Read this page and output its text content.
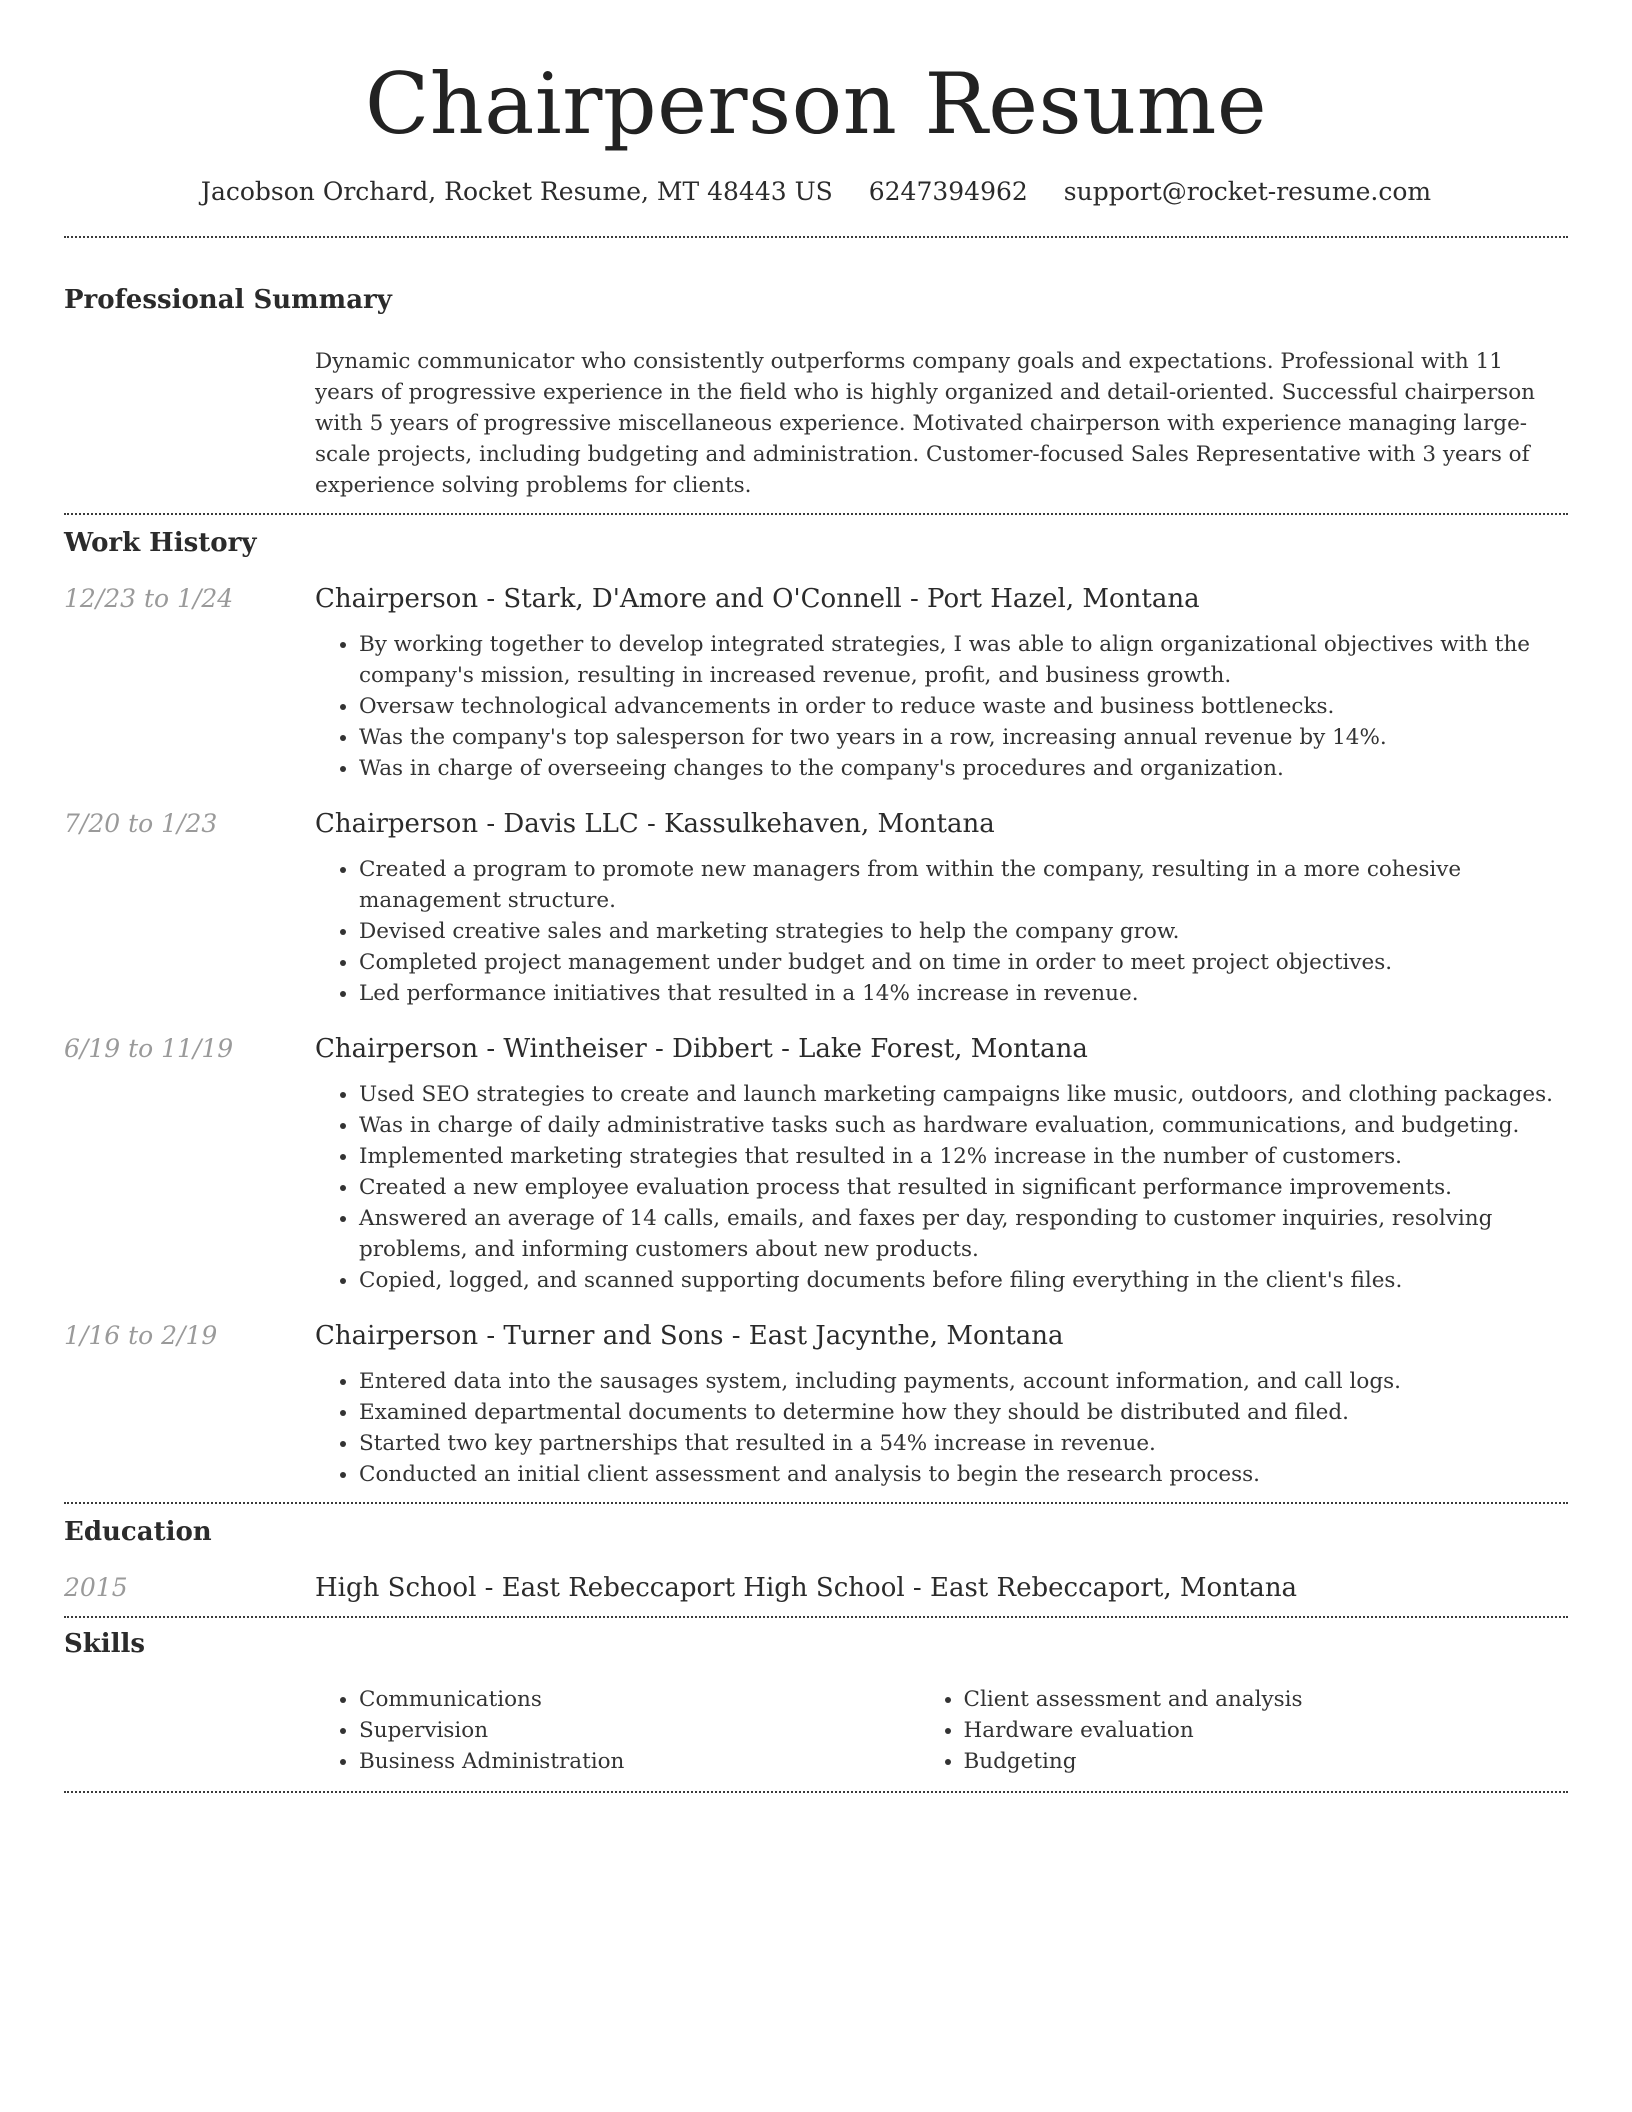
Chairperson Resume
Jacobson Orchard, Rocket Resume, MT 48443 US 6247394962 support@rocket-resume.com
Professional Summary

Dynamic communicator who consistently outperforms company goals and expectations. Professional with 11 years of progressive experience in the field who is highly organized and detail-oriented. Successful chairperson with 5 years of progressive miscellaneous experience. Motivated chairperson with experience managing large-scale projects, including budgeting and administration. Customer-focused Sales Representative with 3 years of experience solving problems for clients.

Work History
12/23 to 1/24	Chairperson - Stark, D'Amore and O'Connell - Port Hazel, Montana
• By working together to develop integrated strategies, I was able to align organizational objectives with the company's mission, resulting in increased revenue, profit, and business growth.
• Oversaw technological advancements in order to reduce waste and business bottlenecks.
• Was the company's top salesperson for two years in a row, increasing annual revenue by 14%.
• Was in charge of overseeing changes to the company's procedures and organization.
7/20 to 1/23	Chairperson - Davis LLC - Kassulkehaven, Montana
• Created a program to promote new managers from within the company, resulting in a more cohesive management structure.
• Devised creative sales and marketing strategies to help the company grow.
• Completed project management under budget and on time in order to meet project objectives.
• Led performance initiatives that resulted in a 14% increase in revenue.
6/19 to 11/19	Chairperson - Wintheiser - Dibbert - Lake Forest, Montana
• Used SEO strategies to create and launch marketing campaigns like music, outdoors, and clothing packages.
• Was in charge of daily administrative tasks such as hardware evaluation, communications, and budgeting.
• Implemented marketing strategies that resulted in a 12% increase in the number of customers.
• Created a new employee evaluation process that resulted in significant performance improvements.
• Answered an average of 14 calls, emails, and faxes per day, responding to customer inquiries, resolving problems, and informing customers about new products.
• Copied, logged, and scanned supporting documents before filing everything in the client's files.
1/16 to 2/19	Chairperson - Turner and Sons - East Jacynthe, Montana
• Entered data into the sausages system, including payments, account information, and call logs.
• Examined departmental documents to determine how they should be distributed and filed.
• Started two key partnerships that resulted in a 54% increase in revenue.
• Conducted an initial client assessment and analysis to begin the research process.
Education
2015	High School - East Rebeccaport High School - East Rebeccaport, Montana
Skills
• Communications
• Supervision
• Business Administration
• Client assessment and analysis
• Hardware evaluation
• Budgeting
